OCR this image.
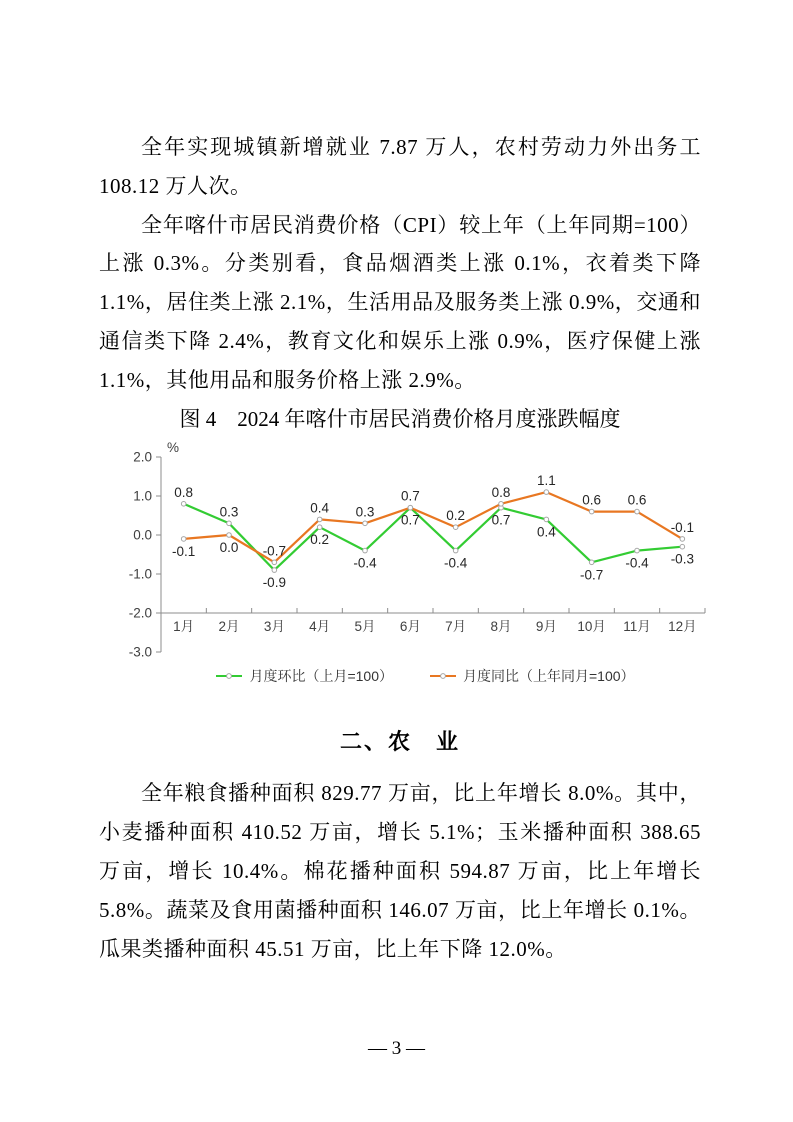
全年实现城镇新增就业 7.87 万人，农村劳动力外出务工 108.12 万人次。

全年喀什市居民消费价格（CPI）较上年（上年同期=100）上涨 0.3%。分类别看，食品烟酒类上涨 0.1%，衣着类下降 1.1%，居住类上涨 2.1%，生活用品及服务类上涨 0.9%，交通和通信类下降 2.4%，教育文化和娱乐上涨 0.9%，医疗保健上涨 1.1%，其他用品和服务价格上涨 2.9%。

图 4　2024 年喀什市居民消费价格月度涨跌幅度

2.0
1.0
0.0
-1.0
-2.0
-3.0
%
1月 2月 3月 4月 5月 6月 7月 8月 9月 10月 11月 12月
0.8
0.3
-0.9
0.2
-0.4
0.7
-0.4
0.7
0.4
-0.7
-0.4 -0.3
-0.1 0.0 -0.7
0.4 0.3
0.7
0.2
0.8
1.1
0.6 0.6
-0.1
月度环比（上月=100）	月度同比（上年同月=100）
二、农　业

全年粮食播种面积 829.77 万亩，比上年增长 8.0%。其中，小麦播种面积 410.52 万亩，增长 5.1%；玉米播种面积 388.65 万亩，增长 10.4%。棉花播种面积 594.87 万亩，比上年增长 5.8%。蔬菜及食用菌播种面积 146.07 万亩，比上年增长 0.1%。瓜果类播种面积 45.51 万亩，比上年下降 12.0%。

— 3 —
